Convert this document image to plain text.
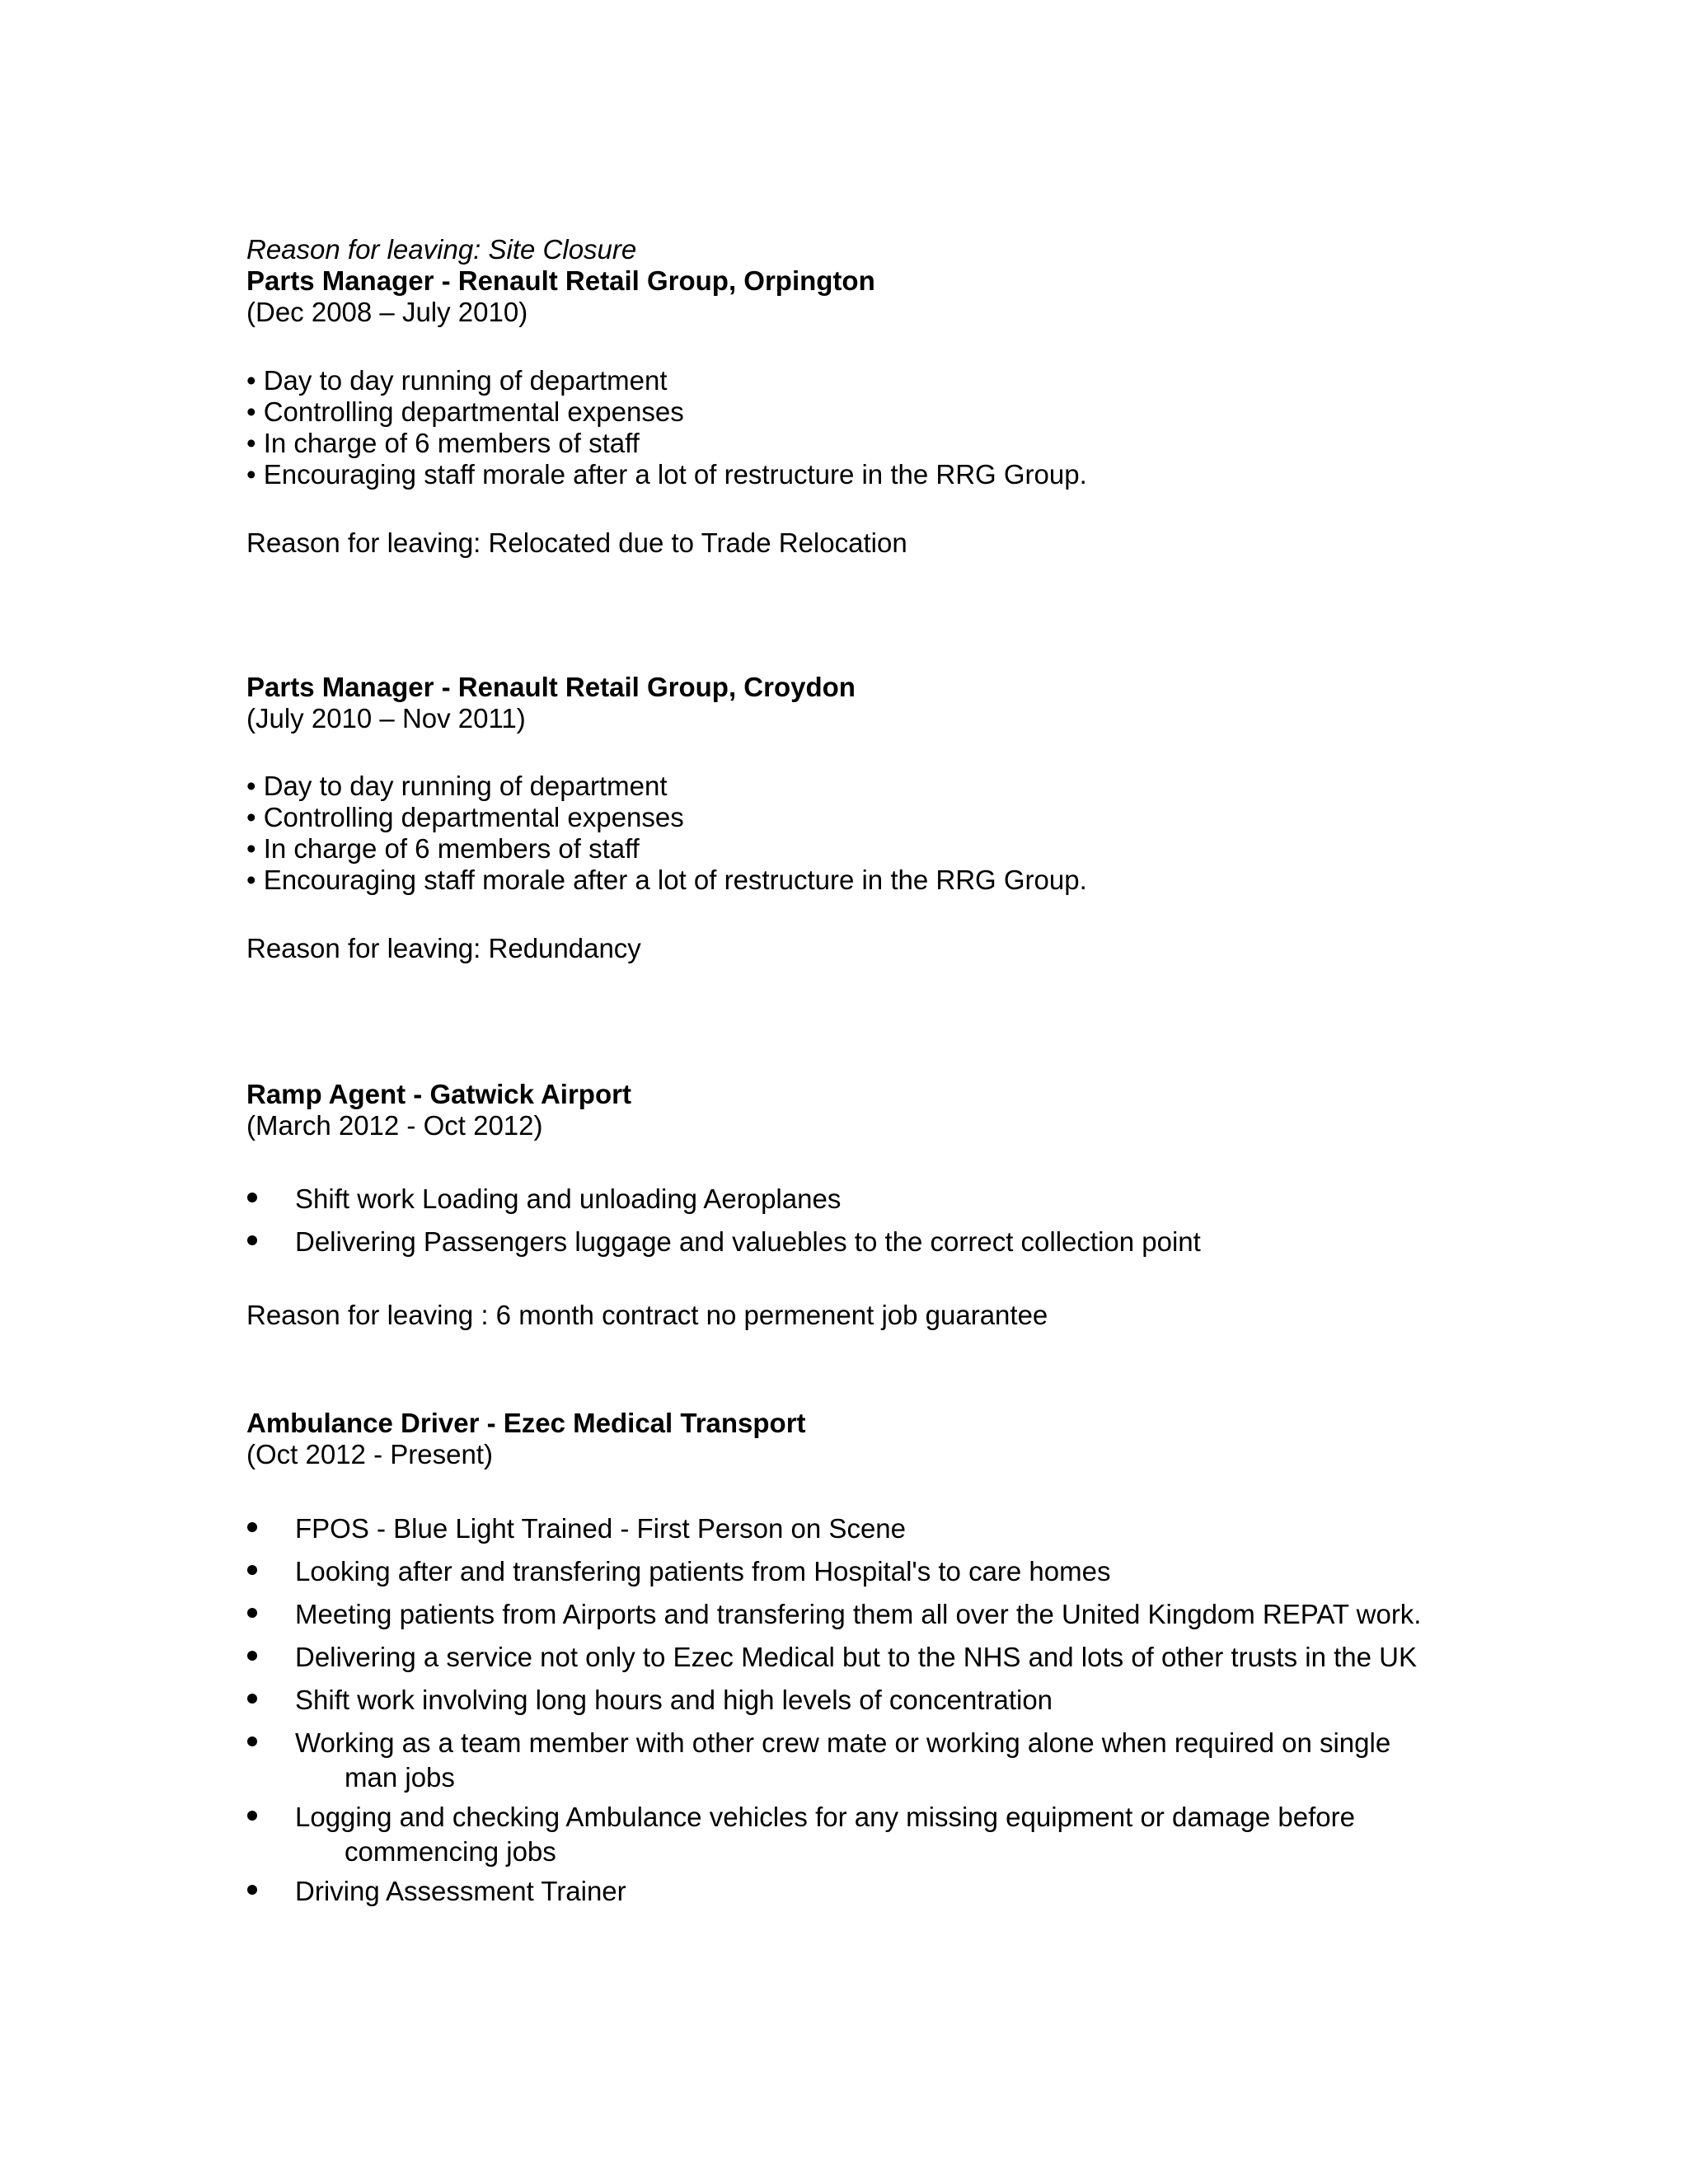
Reason for leaving: Site Closure
Parts Manager - Renault Retail Group, Orpington
(Dec 2008 – July 2010)
• Day to day running of department
• Controlling departmental expenses
• In charge of 6 members of staff
• Encouraging staff morale after a lot of restructure in the RRG Group.
Reason for leaving: Relocated due to Trade Relocation
Parts Manager - Renault Retail Group, Croydon
(July 2010 – Nov 2011)
• Day to day running of department
• Controlling departmental expenses
• In charge of 6 members of staff
• Encouraging staff morale after a lot of restructure in the RRG Group.
Reason for leaving: Redundancy
Ramp Agent - Gatwick Airport
(March 2012 - Oct 2012)
Shift work Loading and unloading Aeroplanes
Delivering Passengers luggage and valuebles to the correct collection point
Reason for leaving : 6 month contract no permenent job guarantee
Ambulance Driver - Ezec Medical Transport
(Oct 2012 - Present)
FPOS - Blue Light Trained - First Person on Scene
Looking after and transfering patients from Hospital's to care homes
Meeting patients from Airports and transfering them all over the United Kingdom REPAT work.
Delivering a service not only to Ezec Medical but to the NHS and lots of other trusts in the UK
Shift work involving long hours and high levels of concentration
Working as a team member with other crew mate or working alone when required on single
man jobs
Logging and checking Ambulance vehicles for any missing equipment or damage before
commencing jobs
Driving Assessment Trainer
